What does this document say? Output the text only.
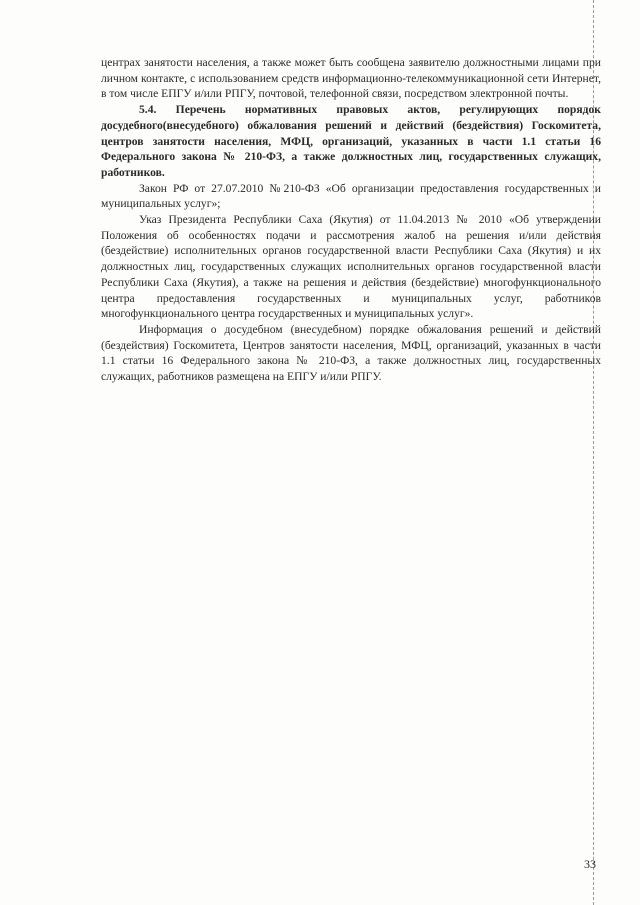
центрах занятости населения, а также может быть сообщена заявителю должностными лицами при личном контакте, с использованием средств информационно-телекоммуникационной сети Интернет, в том числе ЕПГУ и/или РПГУ, почтовой, телефонной связи, посредством электронной почты.

5.4. Перечень нормативных правовых актов, регулирующих порядок досудебного(внесудебного) обжалования решений и действий (бездействия) Госкомитета, центров занятости населения, МФЦ, организаций, указанных в части 1.1 статьи 16 Федерального закона № 210-ФЗ, а также должностных лиц, государственных служащих, работников.

Закон РФ от 27.07.2010 №210-ФЗ «Об организации предоставления государственных и муниципальных услуг»;

Указ Президента Республики Саха (Якутия) от 11.04.2013 № 2010 «Об утверждении Положения об особенностях подачи и рассмотрения жалоб на решения и/или действия (бездействие) исполнительных органов государственной власти Республики Саха (Якутия) и их должностных лиц, государственных служащих исполнительных органов государственной власти Республики Саха (Якутия), а также на решения и действия (бездействие) многофункционального центра предоставления государственных и муниципальных услуг, работников многофункционального центра государственных и муниципальных услуг».

Информация о досудебном (внесудебном) порядке обжалования решений и действий (бездействия) Госкомитета, Центров занятости населения, МФЦ, организаций, указанных в части 1.1 статьи 16 Федерального закона № 210-ФЗ, а также должностных лиц, государственных служащих, работников размещена на ЕПГУ и/или РПГУ.

33
